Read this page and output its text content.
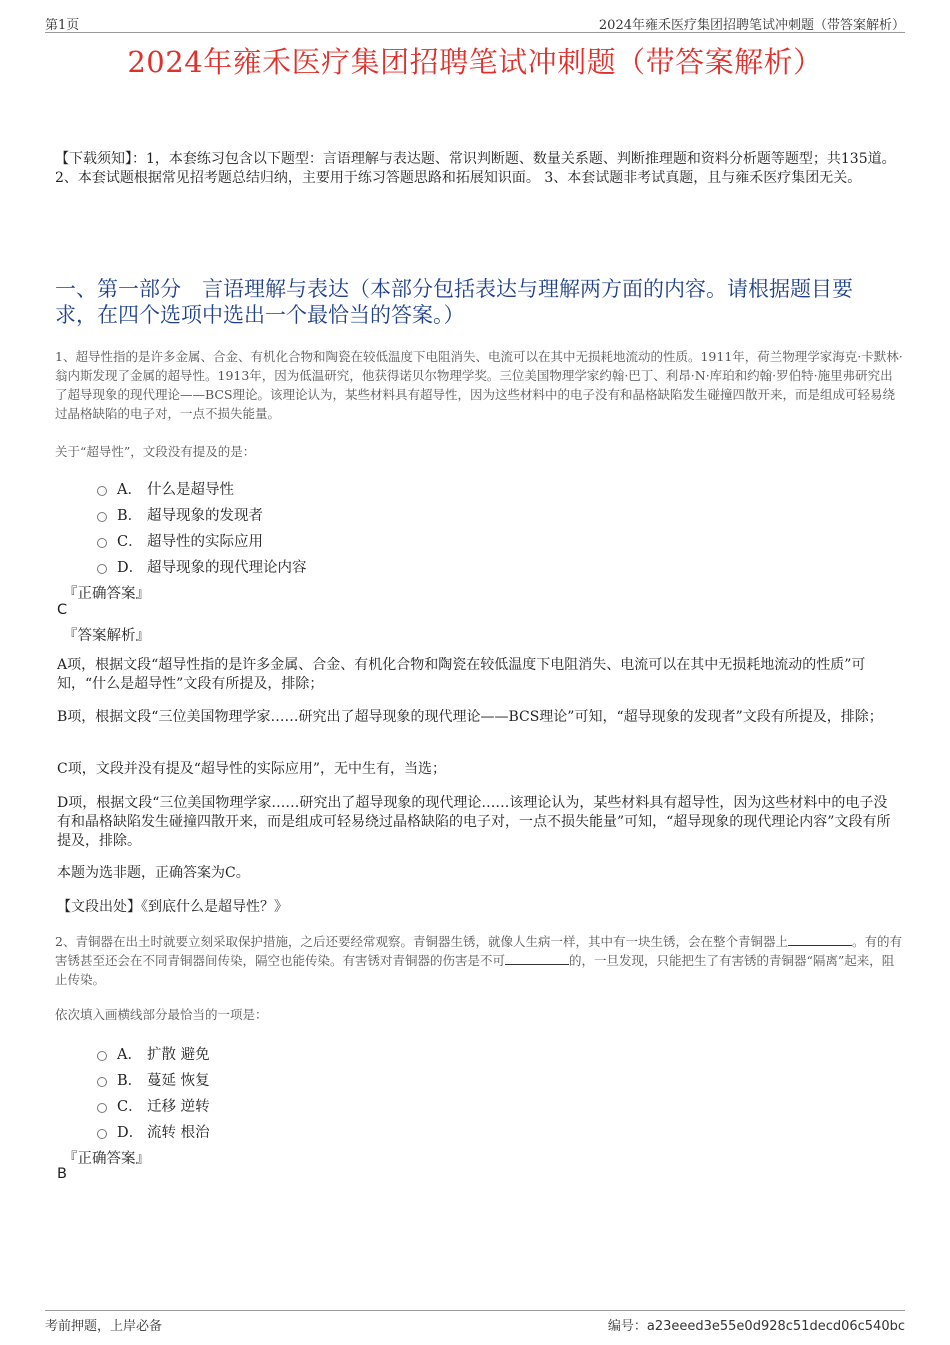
第1页	2024年雍禾医疗集团招聘笔试冲刺题（带答案解析）
2024年雍禾医疗集团招聘笔试冲刺题（带答案解析）
【下载须知】：1，本套练习包含以下题型：言语理解与表达题、常识判断题、数量关系题、判断推理题和资料分析题等题型；共135道。 2、本套试题根据常见招考题总结归纳，主要用于练习答题思路和拓展知识面。 3、本套试题非考试真题，且与雍禾医疗集团无关。
一、第一部分　言语理解与表达（本部分包括表达与理解两方面的内容。请根据题目要求，在四个选项中选出一个最恰当的答案。）
1、超导性指的是许多金属、合金、有机化合物和陶瓷在较低温度下电阻消失、电流可以在其中无损耗地流动的性质。1911年，荷兰物理学家海克·卡默林·翁内斯发现了金属的超导性。1913年，因为低温研究，他获得诺贝尔物理学奖。三位美国物理学家约翰·巴丁、利昂·N·库珀和约翰·罗伯特·施里弗研究出了超导现象的现代理论——BCS理论。该理论认为，某些材料具有超导性，因为这些材料中的电子没有和晶格缺陷发生碰撞四散开来，而是组成可轻易绕过晶格缺陷的电子对，一点不损失能量。
关于“超导性”，文段没有提及的是：
A． 什么是超导性
B． 超导现象的发现者
C． 超导性的实际应用
D． 超导现象的现代理论内容
『正确答案』
C
『答案解析』
A项，根据文段“超导性指的是许多金属、合金、有机化合物和陶瓷在较低温度下电阻消失、电流可以在其中无损耗地流动的性质”可知，“什么是超导性”文段有所提及，排除；
B项，根据文段“三位美国物理学家……研究出了超导现象的现代理论——BCS理论”可知，“超导现象的发现者”文段有所提及，排除；
C项，文段并没有提及“超导性的实际应用”，无中生有，当选；
D项，根据文段“三位美国物理学家……研究出了超导现象的现代理论……该理论认为，某些材料具有超导性，因为这些材料中的电子没有和晶格缺陷发生碰撞四散开来，而是组成可轻易绕过晶格缺陷的电子对，一点不损失能量”可知，“超导现象的现代理论内容”文段有所提及，排除。
本题为选非题，正确答案为C。
【文段出处】《到底什么是超导性？》
2、青铜器在出土时就要立刻采取保护措施，之后还要经常观察。青铜器生锈，就像人生病一样，其中有一块生锈，会在整个青铜器上	。有的有害锈甚至还会在不同青铜器间传染，隔空也能传染。有害锈对青铜器的伤害是不可	的，一旦发现，只能把生了有害锈的青铜器“隔离”起来，阻止传染。
依次填入画横线部分最恰当的一项是：
A． 扩散 避免
B． 蔓延 恢复
C． 迁移 逆转
D． 流转 根治
『正确答案』
B
考前押题，上岸必备	编号：a23eeed3e55e0d928c51decd06c540bc
